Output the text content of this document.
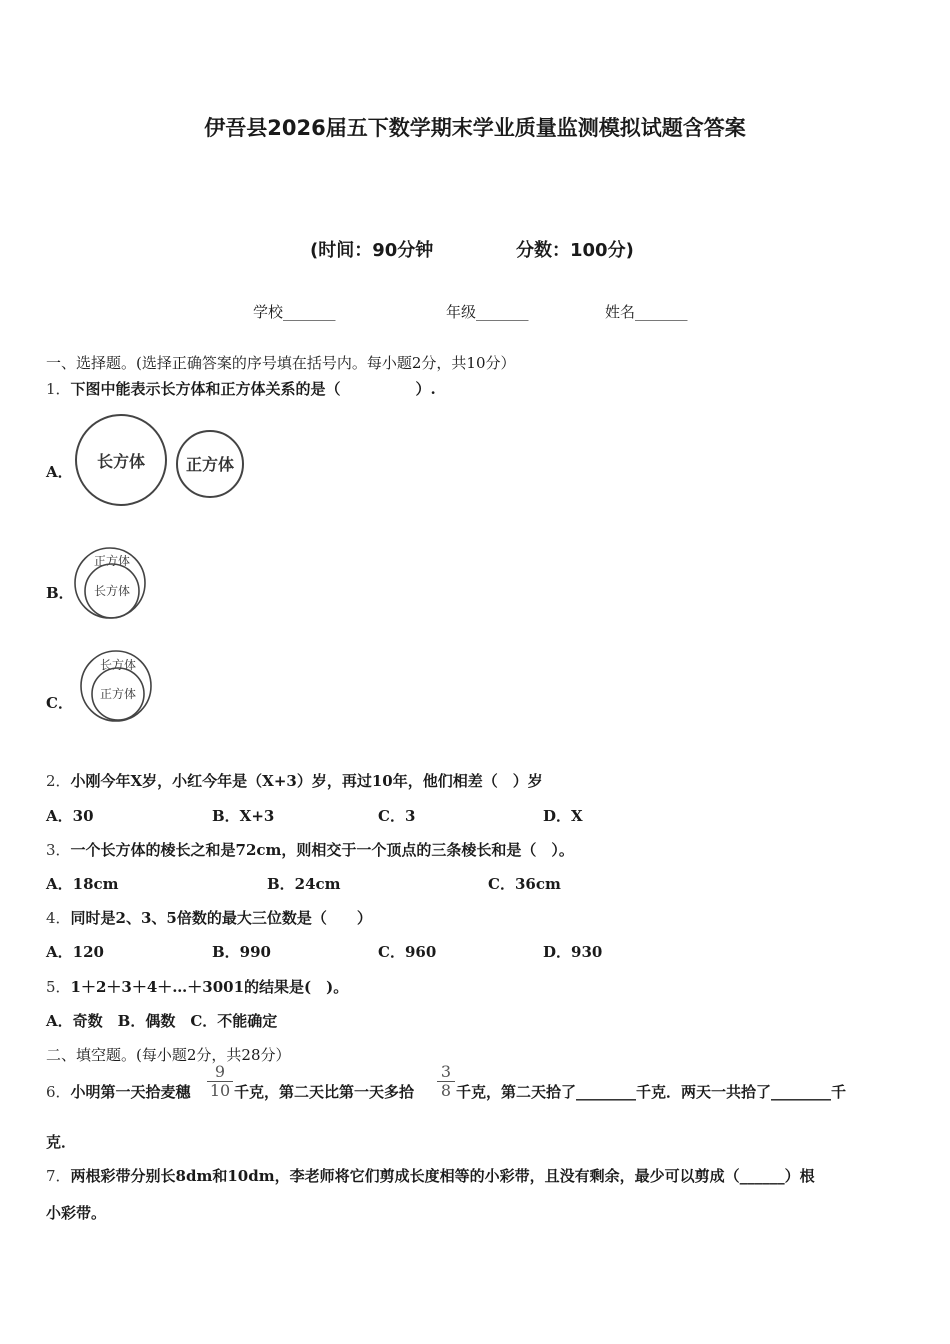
伊吾县2026届五下数学期末学业质量监测模拟试题含答案
(时间：90分钟	分数：100分)
学校_______	年级_______	姓名_______
一、选择题。(选择正确答案的序号填在括号内。每小题2分，共10分）
1．下图中能表示长方体和正方体关系的是（　　　　　）.
A．
长方体	正方体
B．
正方体
长方体
C．
长方体
正方体
2．小刚今年X岁，小红今年是（X+3）岁，再过10年，他们相差（　）岁
A．30	B．X+3	C．3	D．X
3．一个长方体的棱长之和是72cm，则相交于一个顶点的三条棱长和是（　）。
A．18cm	B．24cm	C．36cm
4．同时是2、3、5倍数的最大三位数是（　　）
A．120	B．990	C．960	D．930
5．1＋2＋3＋4＋…＋3001的结果是(　)。
A．奇数　B．偶数　C．不能确定
二、填空题。(每小题2分，共28分）
6．小明第一天拾麦穗
9
10 千克，第二天比第一天多拾
3
8 千克，第二天拾了________千克．两天一共拾了________千
克．
7．两根彩带分别长8dm和10dm，李老师将它们剪成长度相等的小彩带，且没有剩余，最少可以剪成（______）根
小彩带。
